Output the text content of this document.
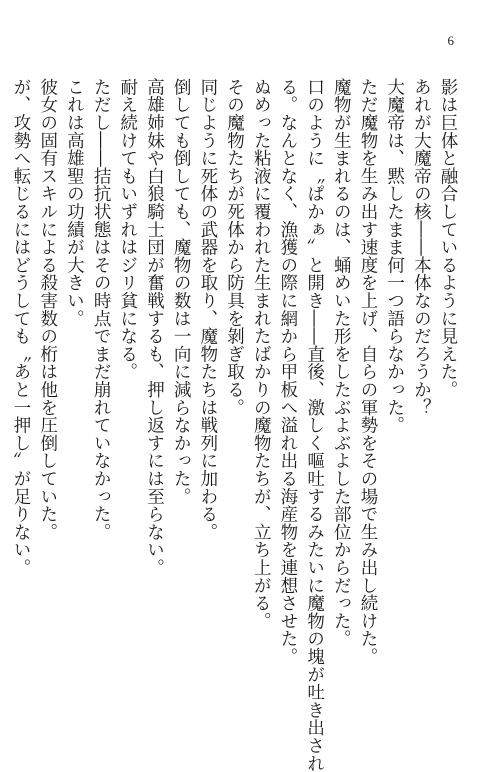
6
影は巨体と融合しているように見えた。
あれが大魔帝の核――本体なのだろうか？
大魔帝は、黙したまま何一つ語らなかった。
ただ魔物を生み出す速度を上げ、自らの軍勢をその場で生み出し続けた。
魔物が生まれるのは、蛹めいた形をしたぶよぶよした部位からだった。
口のように〝ぱかぁ〟と開き――直後、激しく嘔吐するみたいに魔物の塊が吐き出され
る。なんとなく、漁獲の際に網から甲板へ溢れ出る海産物を連想させた。
ぬめった粘液に覆われた生まれたばかりの魔物たちが、立ち上がる。
その魔物たちが死体から防具を剝ぎ取る。
同じように死体の武器を取り、魔物たちは戦列に加わる。
倒しても倒しても、魔物の数は一向に減らなかった。
高雄姉妹や白狼騎士団が奮戦するも、押し返すには至らない。
耐え続けてもいずれはジリ貧になる。
ただし――拮抗状態はその時点でまだ崩れていなかった。
これは高雄聖の功績が大きい。
彼女の固有スキルによる殺害数の桁は他を圧倒していた。
が、攻勢へ転じるにはどうしても〝あと一押し〟が足りない。
